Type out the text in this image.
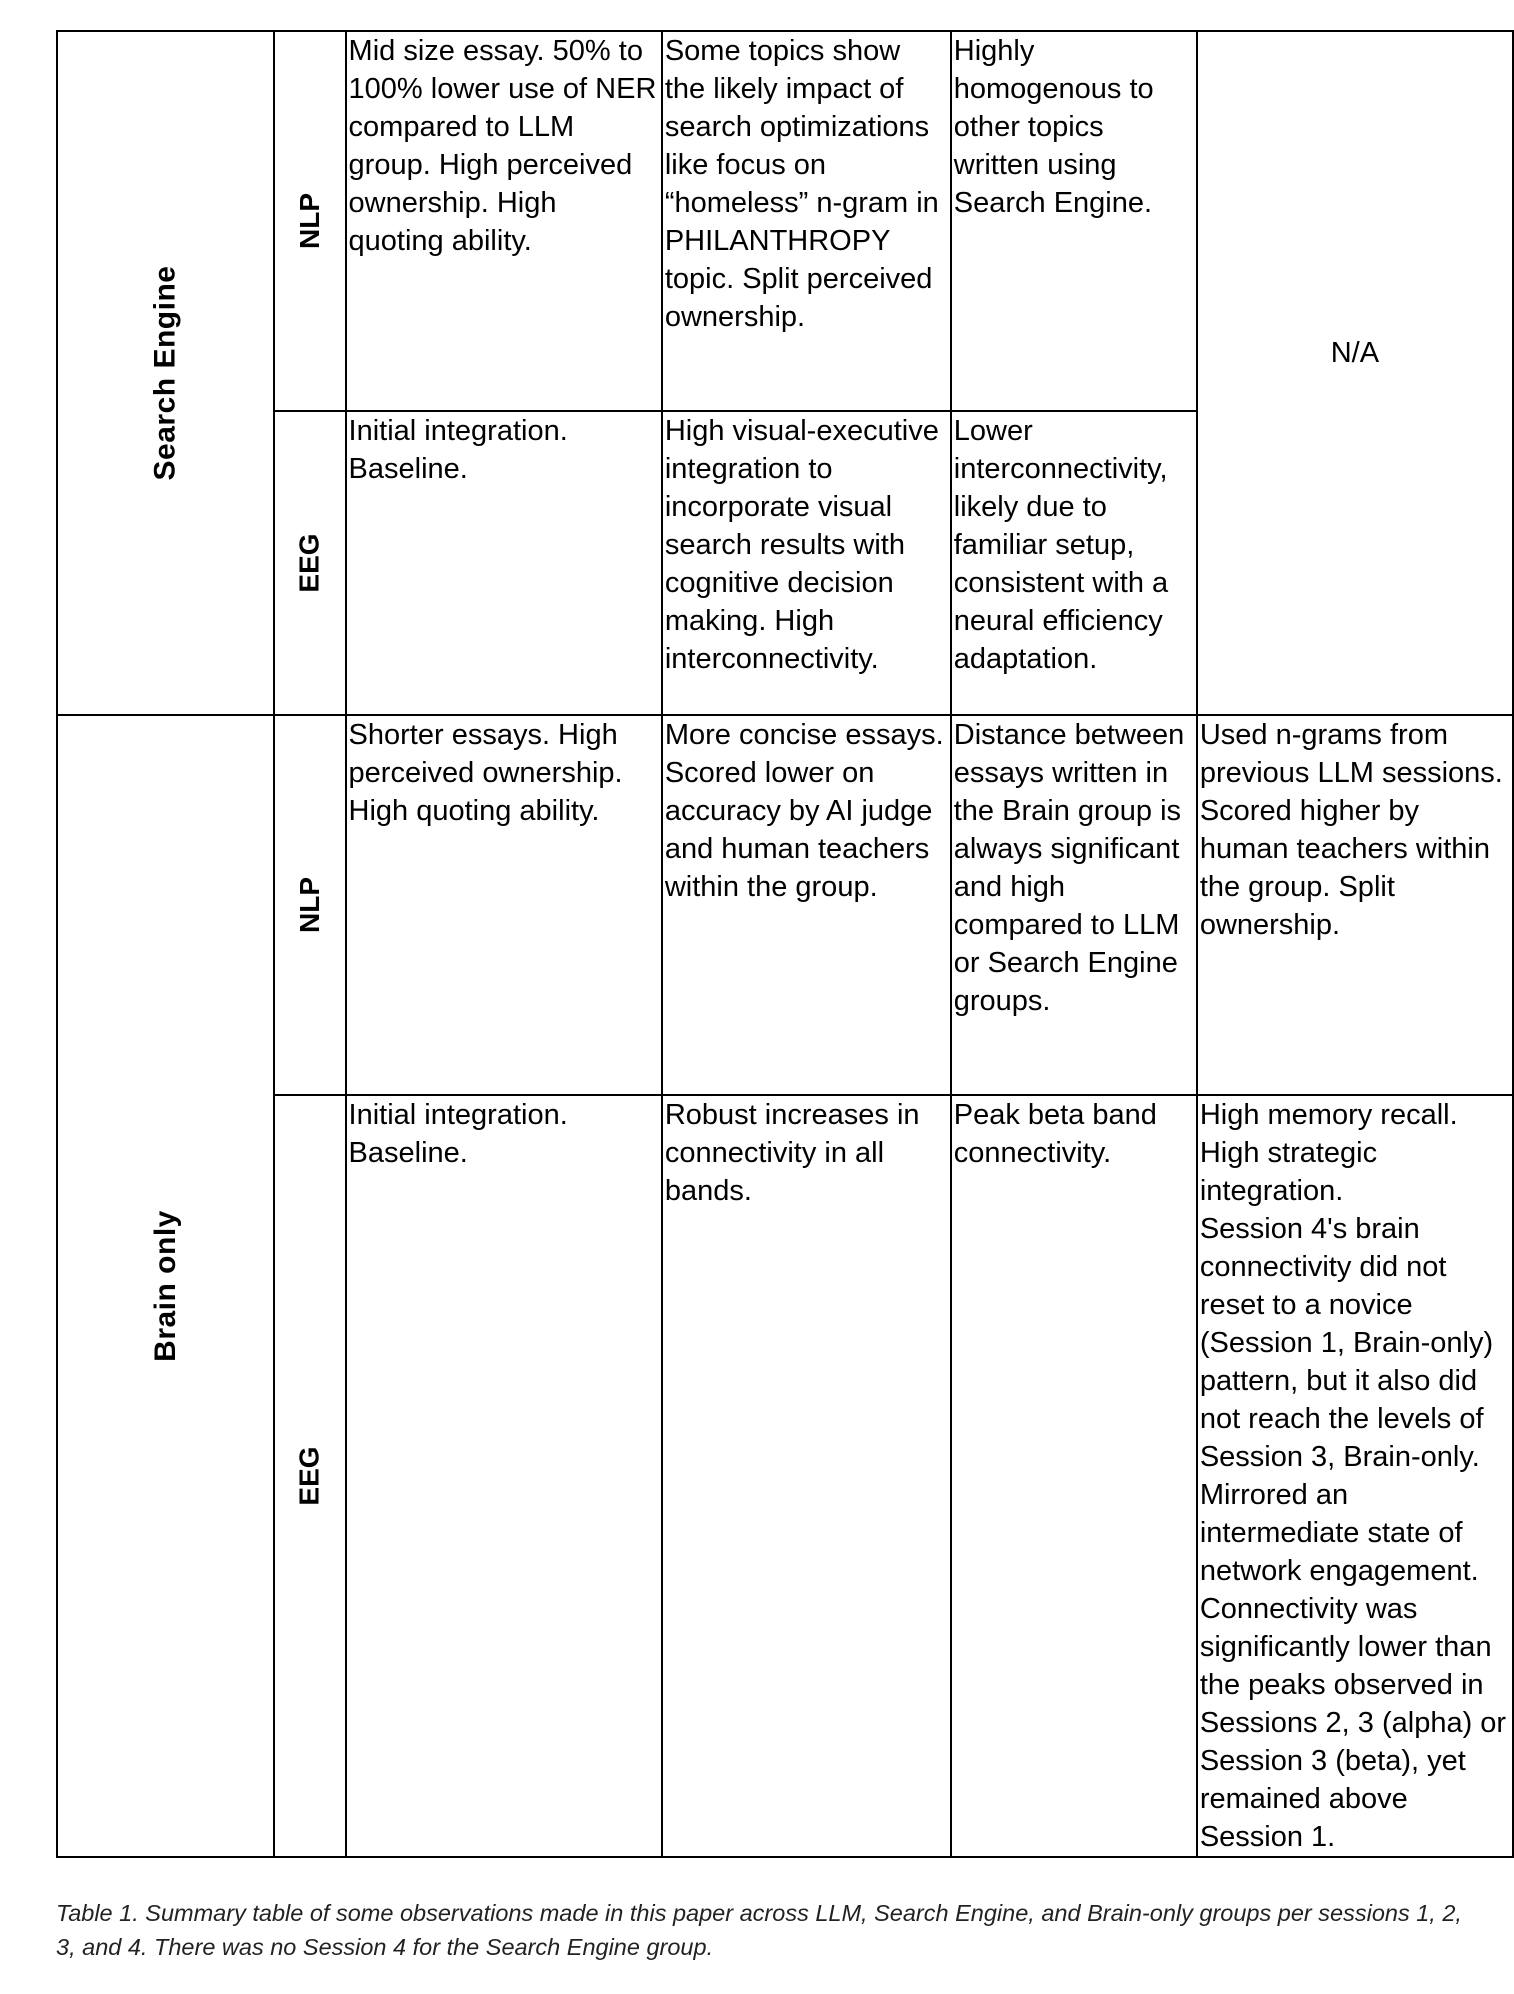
Search Engine	NLP	Mid size essay. 50% to 100% lower use of NER compared to LLM group. High perceived ownership. High quoting ability.	Some topics show the likely impact of search optimizations like focus on “homeless” n-gram in PHILANTHROPY topic. Split perceived ownership.	Highly homogenous to other topics written using Search Engine.	N/A

	EEG	Initial integration. Baseline.	High visual-executive integration to incorporate visual search results with cognitive decision making. High interconnectivity.	Lower interconnectivity, likely due to familiar setup, consistent with a neural efficiency adaptation.	

Brain only	NLP	Shorter essays. High perceived ownership. High quoting ability.	More concise essays. Scored lower on accuracy by AI judge and human teachers within the group.	Distance between essays written in the Brain group is always significant and high compared to LLM or Search Engine groups.	Used n-grams from previous LLM sessions. Scored higher by human teachers within the group. Split ownership.

	EEG	Initial integration. Baseline.	Robust increases in connectivity in all bands.	Peak beta band connectivity.	High memory recall. High strategic integration.
Session 4's brain connectivity did not reset to a novice (Session 1, Brain-only) pattern, but it also did not reach the levels of Session 3, Brain-only. Mirrored an intermediate state of network engagement. Connectivity was significantly lower than the peaks observed in Sessions 2, 3 (alpha) or Session 3 (beta), yet remained above Session 1.
Table 1. Summary table of some observations made in this paper across LLM, Search Engine, and Brain-only groups per sessions 1, 2, 3, and 4. There was no Session 4 for the Search Engine group.
